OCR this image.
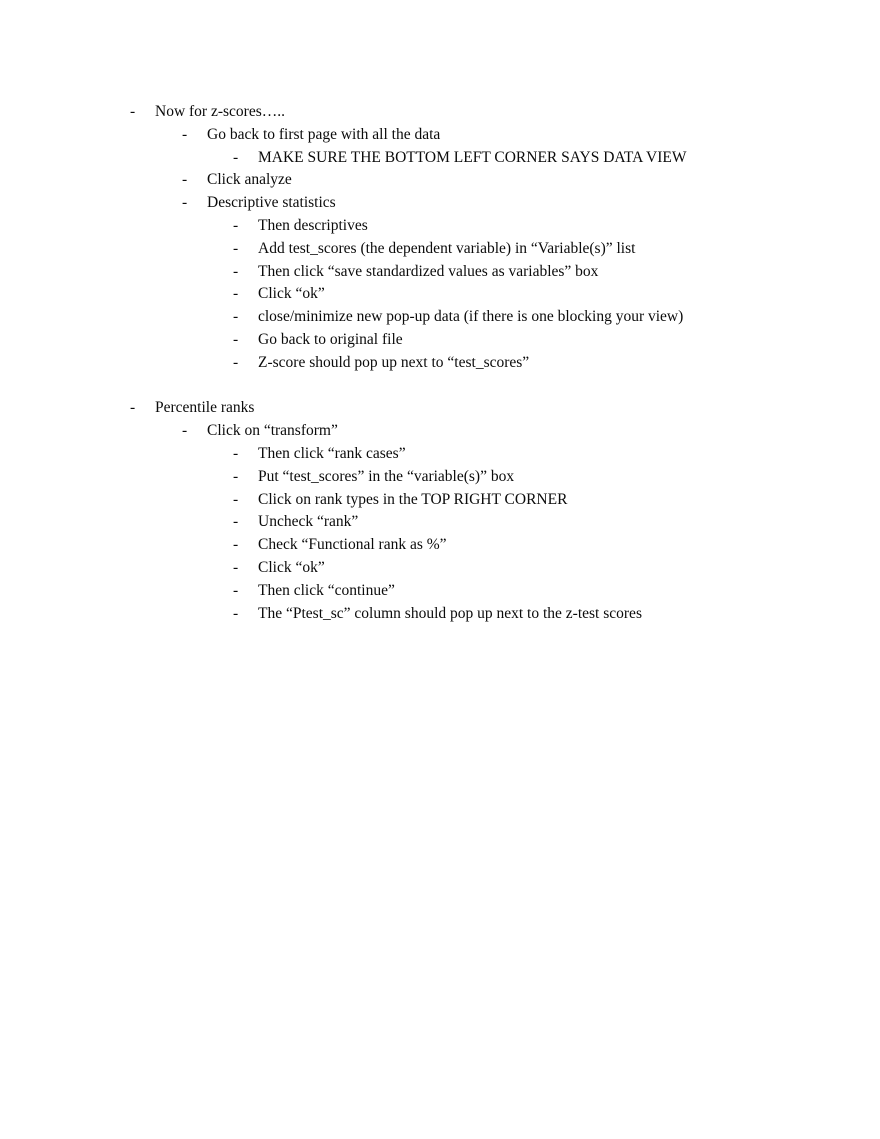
-	Now for z-scores…..
-	Go back to first page with all the data
-	MAKE SURE THE BOTTOM LEFT CORNER SAYS DATA VIEW
-	Click analyze
-	Descriptive statistics
-	Then descriptives
-	Add test_scores (the dependent variable) in “Variable(s)” list
-	Then click “save standardized values as variables” box
-	Click “ok”
-	close/minimize new pop-up data (if there is one blocking your view)
-	Go back to original file
-	Z-score should pop up next to “test_scores”
-	Percentile ranks
-	Click on “transform”
-	Then click “rank cases”
-	Put “test_scores” in the “variable(s)” box
-	Click on rank types in the TOP RIGHT CORNER
-	Uncheck “rank”
-	Check “Functional rank as %”
-	Click “ok”
-	Then click “continue”
-	The “Ptest_sc” column should pop up next to the z-test scores
